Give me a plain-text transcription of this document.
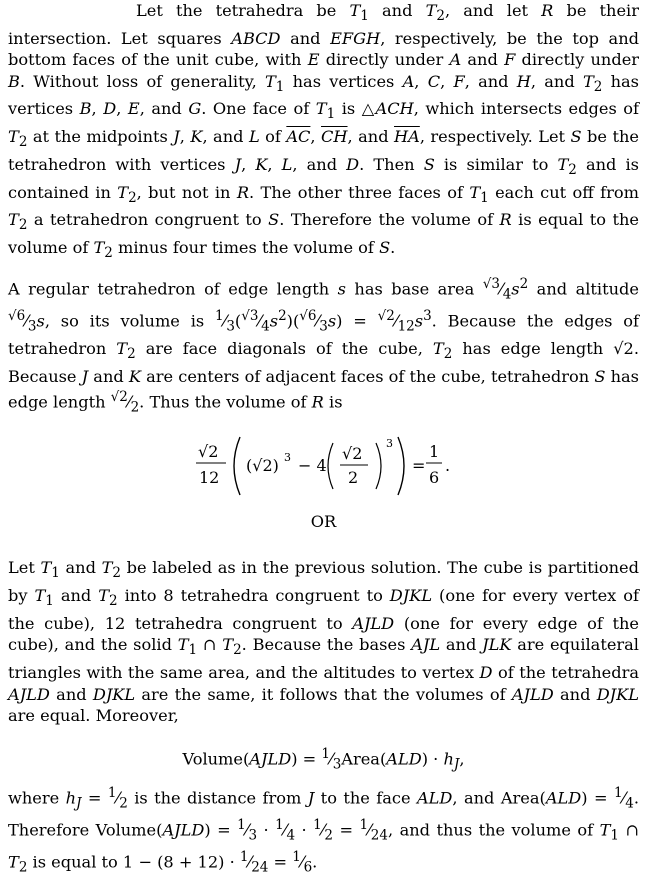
Let the tetrahedra be $T_1$ and $T_2$, and let R be their intersection. Let squares ABCD and EFGH, respectively, be the top and bottom faces of the unit cube, with E directly under A and F directly under B. Without loss of generality, $T_1$ has vertices A, C, F, and H, and $T_2$ has vertices B, D, E, and G. One face of $T_1$ is △ACH, which intersects edges of $T_2$ at the midpoints J, K, and L of $\overline{AC}$, $\overline{CH}$, and $\overline{HA}$, respectively. Let S be the tetrahedron with vertices J, K, L, and D. Then S is similar to $T_2$ and is contained in $T_2$, but not in R. The other three faces of $T_1$ each cut off from $T_2$ a tetrahedron congruent to S. Therefore the volume of R is equal to the volume of $T_2$ minus four times the volume of S.

A regular tetrahedron of edge length s has base area $^{√3}⁄_4s^2$ and altitude $^{√6}⁄_3s$, so its volume is $^1⁄_3(^{√3}⁄_4s^2)(^{√6}⁄_3s)$ = $^{√2}⁄_{12}s^3$. Because the edges of tetrahedron $T_2$ are face diagonals of the cube, $T_2$ has edge length √2. Because J and K are centers of adjacent faces of the cube, tetrahedron S has edge length $^{√2}⁄_2$. Thus the volume of R is

√2
12
(√2) 3 − 4
√2
2
3
=
1
6
.
OR

Let $T_1$ and $T_2$ be labeled as in the previous solution. The cube is partitioned by $T_1$ and $T_2$ into 8 tetrahedra congruent to DJKL (one for every vertex of the cube), 12 tetrahedra congruent to AJLD (one for every edge of the cube), and the solid $T_1$ ∩ $T_2$. Because the bases AJL and JLK are equilateral triangles with the same area, and the altitudes to vertex D of the tetrahedra AJLD and DJKL are the same, it follows that the volumes of AJLD and DJKL are equal. Moreover,

Volume(AJLD) = $^1⁄_3Area(ALD) \cdot h_J$,

where $h_J$ = $^1⁄_2$ is the distance from J to the face ALD, and Area(ALD) = $^1⁄_4$. Therefore Volume(AJLD) = $^1⁄_3$ · $^1⁄_4$ · $^1⁄_2$ = $^1⁄_{24}$, and thus the volume of $T_1$ ∩ $T_2$ is equal to $1 - (8 + 12) \cdot ^1⁄_{24}$ = $^1⁄_6$.
